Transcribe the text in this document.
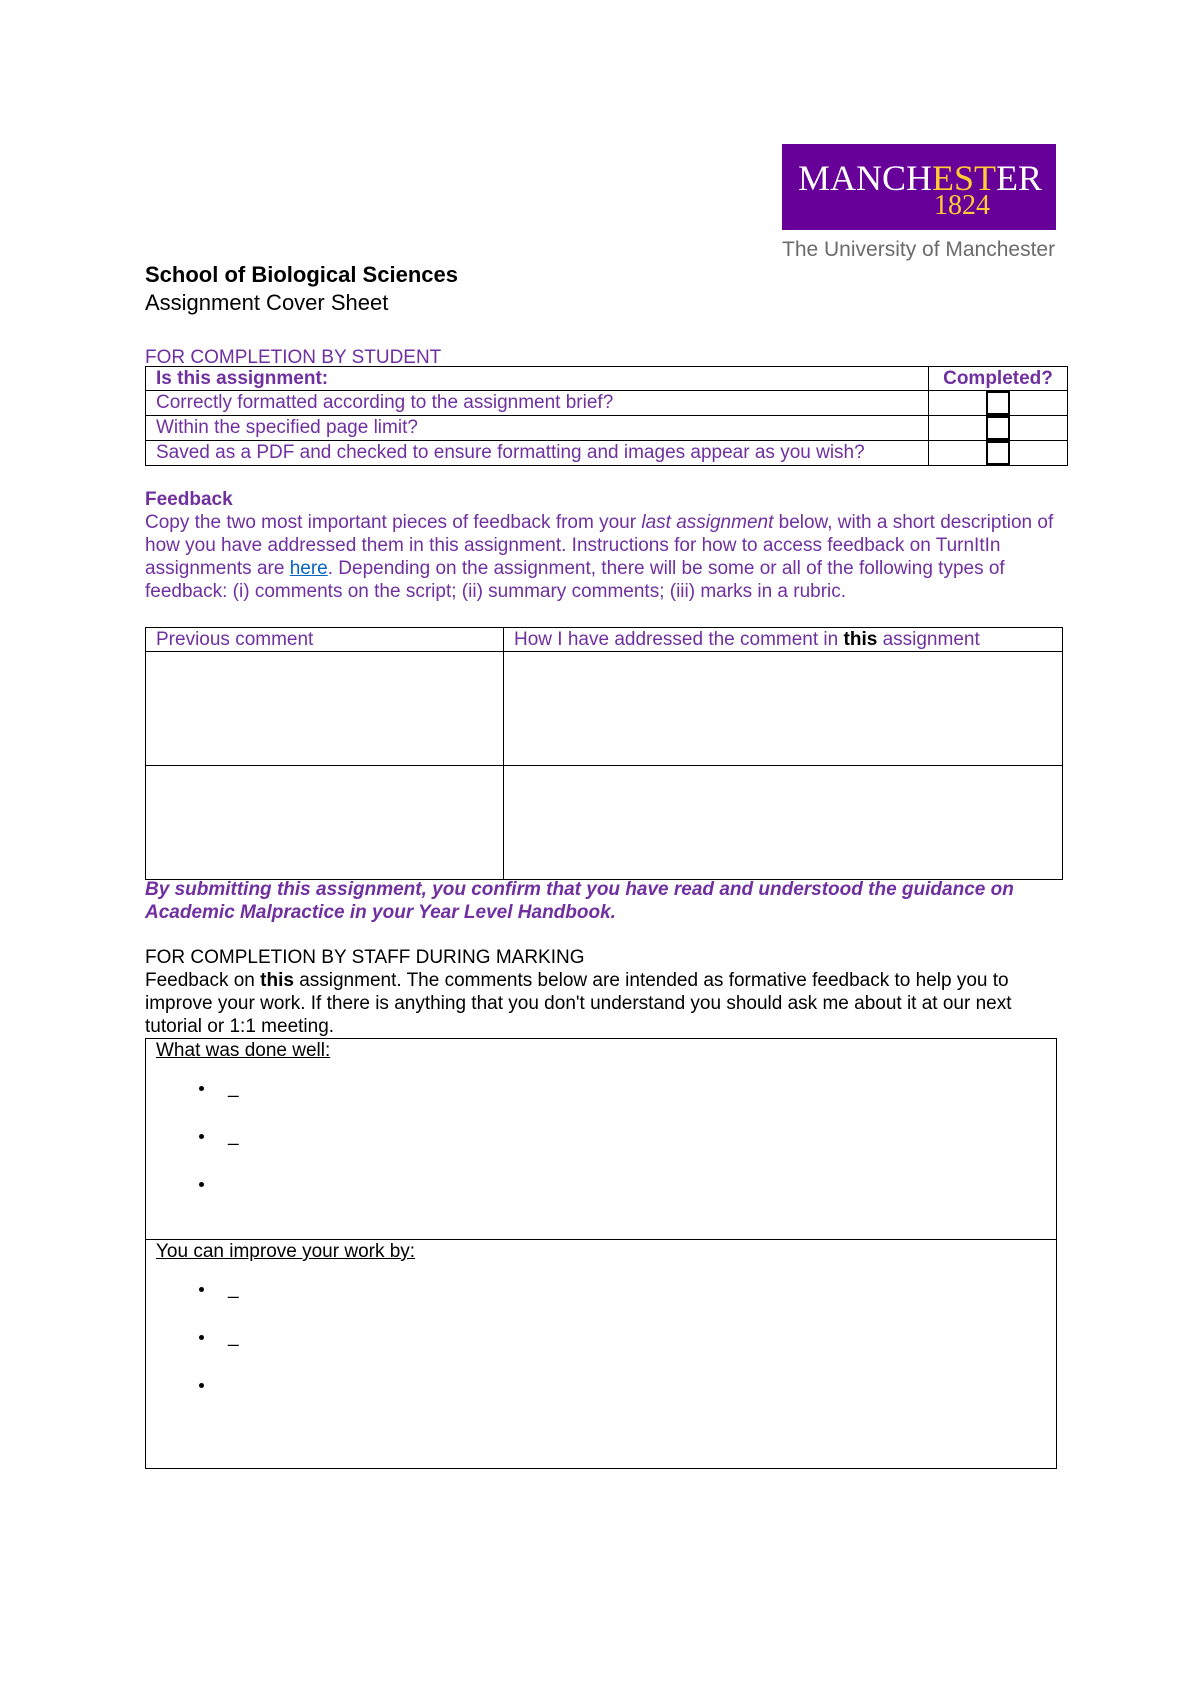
MANCHESTER
1824
The University of Manchester
School of Biological Sciences
Assignment Cover Sheet

FOR COMPLETION BY STUDENT

Is this assignment:	Completed?
Correctly formatted according to the assignment brief?	
Within the specified page limit?	
Saved as a PDF and checked to ensure formatting and images appear as you wish?	

Feedback

Copy the two most important pieces of feedback from your last assignment below, with a short description of how you have addressed them in this assignment. Instructions for how to access feedback on TurnItIn assignments are here. Depending on the assignment, there will be some or all of the following types of feedback: (i) comments on the script; (ii) summary comments; (iii) marks in a rubric.

Previous comment	How I have addressed the comment in this assignment

By submitting this assignment, you confirm that you have read and understood the guidance on Academic Malpractice in your Year Level Handbook.

FOR COMPLETION BY STAFF DURING MARKING

Feedback on this assignment. The comments below are intended as formative feedback to help you to improve your work. If there is anything that you don't understand you should ask me about it at our next tutorial or 1:1 meeting.

What was done well:
• _
• _
•

You can improve your work by:
• _
• _
•
